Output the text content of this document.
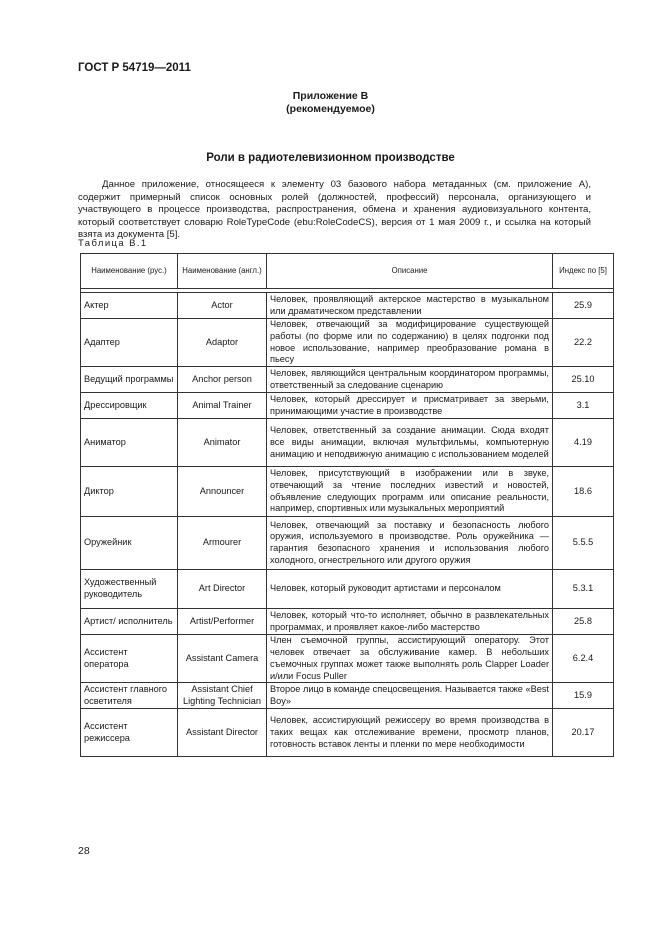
ГОСТ Р 54719—2011
Приложение В
(рекомендуемое)
Роли в радиотелевизионном производстве

Данное приложение, относящееся к элементу 03 базового набора метаданных (см. приложение А), содержит примерный список основных ролей (должностей, профессий) персонала, организующего и участвующего в процессе производства, распространения, обмена и хранения аудиовизуального контента, который соответствует словарю RoleTypeCode (ebu:RoleCodeCS), версия от 1 мая 2009 г., и ссылка на который взята из документа [5].

Таблица В.1
Наименование (рус.)	Наименование (англ.)	Описание	Индекс по [5]

Актер	Actor	Человек, проявляющий актерское мастерство в музыкальном или драматическом представлении	25.9
Адаптер	Adaptor	Человек, отвечающий за модифицирование существующей работы (по форме или по содержанию) в целях подгонки под новое использование, например преобразование романа в пьесу	22.2
Ведущий программы	Anchor person	Человек, являющийся центральным координатором программы, ответственный за следование сценарию	25.10
Дрессировщик	Animal Trainer	Человек, который дрессирует и присматривает за зверьми, принимающими участие в производстве	3.1
Аниматор	Animator	Человек, ответственный за создание анимации. Сюда входят все виды анимации, включая мультфильмы, компьютерную анимацию и неподвижную анимацию с использованием моделей	4.19
Диктор	Announcer	Человек, присутствующий в изображении или в звуке, отвечающий за чтение последних известий и новостей, объявление следующих программ или описание реальности, например, спортивных или музыкальных мероприятий	18.6
Оружейник	Armourer	Человек, отвечающий за поставку и безопасность любого оружия, используемого в производстве. Роль оружейника — гарантия безопасного хранения и использования любого холодного, огнестрельного или другого оружия	5.5.5
Художественный руководитель	Art Director	Человек, который руководит артистами и персоналом	5.3.1
Артист/ исполнитель	Artist/Performer	Человек, который что-то исполняет, обычно в развлекательных программах, и проявляет какое-либо мастерство	25.8
Ассистент оператора	Assistant Camera	Член съемочной группы, ассистирующий оператору. Этот человек отвечает за обслуживание камер. В небольших съемочных группах может также выполнять роль Clapper Loader и/или Focus Puller	6.2.4
Ассистент главного осветителя	Assistant Chief Lighting Technician	Второе лицо в команде спецосвещения. Называется также «Best Boy»	15.9
Ассистент режиссера	Assistant Director	Человек, ассистирующий режиссеру во время производства в таких вещах как отслеживание времени, просмотр планов, готовность вставок ленты и пленки по мере необходимости	20.17
28
